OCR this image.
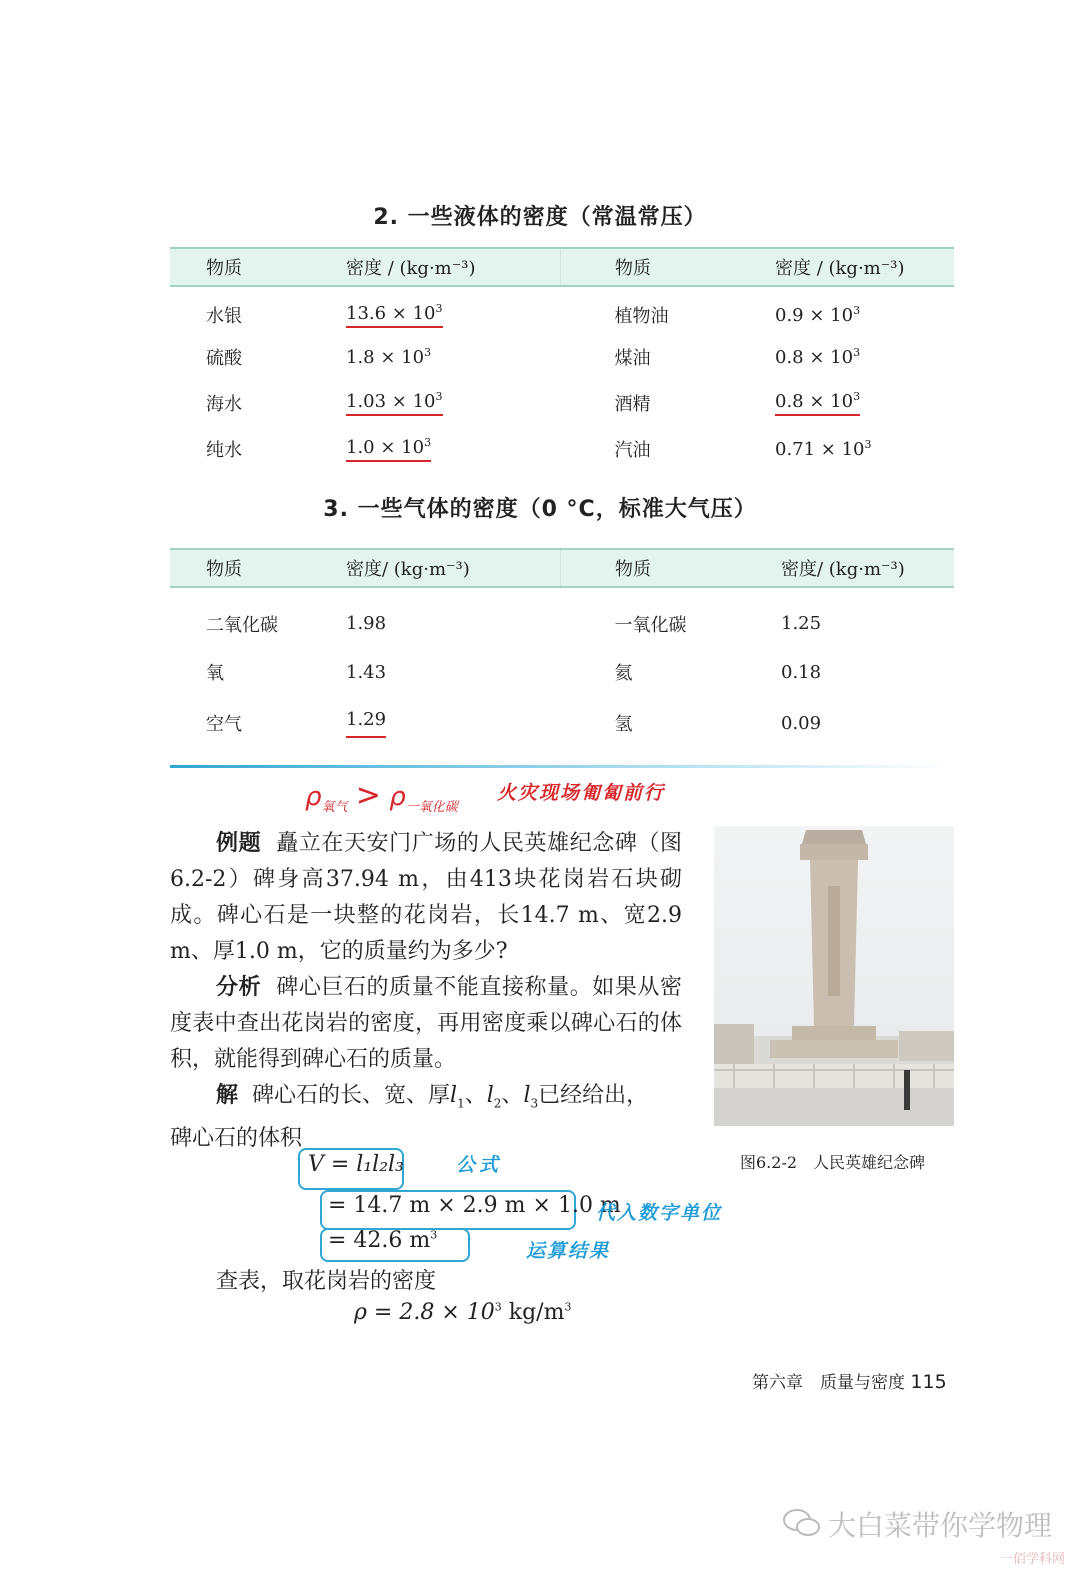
2. 一些液体的密度（常温常压）
物质	密度 / (kg·m⁻³)	物质	密度 / (kg·m⁻³)
水银	$13.6 \times 10^3$	植物油	$0.9 \times 10^3$
硫酸	$1.8 \times 10^3$	煤油	$0.8 \times 10^3$
海水	$1.03 \times 10^3$	酒精	$0.8 \times 10^3$
纯水	$1.0 \times 10^3$	汽油	$0.71 \times 10^3$
3. 一些气体的密度（0 °C，标准大气压）
物质	密度/ (kg·m⁻³)	物质	密度/ (kg·m⁻³)
二氧化碳	1.98	一氧化碳	1.25
氧	1.43	氦	0.18
空气	1.29	氢	0.09
$\rho_{氧气} > \rho_{一氧化碳}$
火灾现场匍匐前行
例题 矗立在天安门广场的人民英雄纪念碑（图6.2-2）碑身高37.94 m，由413块花岗岩石块砌成。碑心石是一块整的花岗岩，长14.7 m、宽2.9 m、厚1.0 m，它的质量约为多少?
分析 碑心巨石的质量不能直接称量。如果从密度表中查出花岗岩的密度，再用密度乘以碑心石的体积，就能得到碑心石的质量。
解 碑心石的长、宽、厚$l_1$、$l_2$、$l_3$已经给出，
碑心石的体积
V = l₁l₂l₃
= 14.7 m × 2.9 m × 1.0 m
= 42.6 $m^3$
公式
代入数字单位
运算结果
查表，取花岗岩的密度
$\rho = 2.8 \times 10^3$ $kg/m^3$
图6.2-2　人民英雄纪念碑
第六章　质量与密度 115
大白菜带你学物理
一佰学科网
